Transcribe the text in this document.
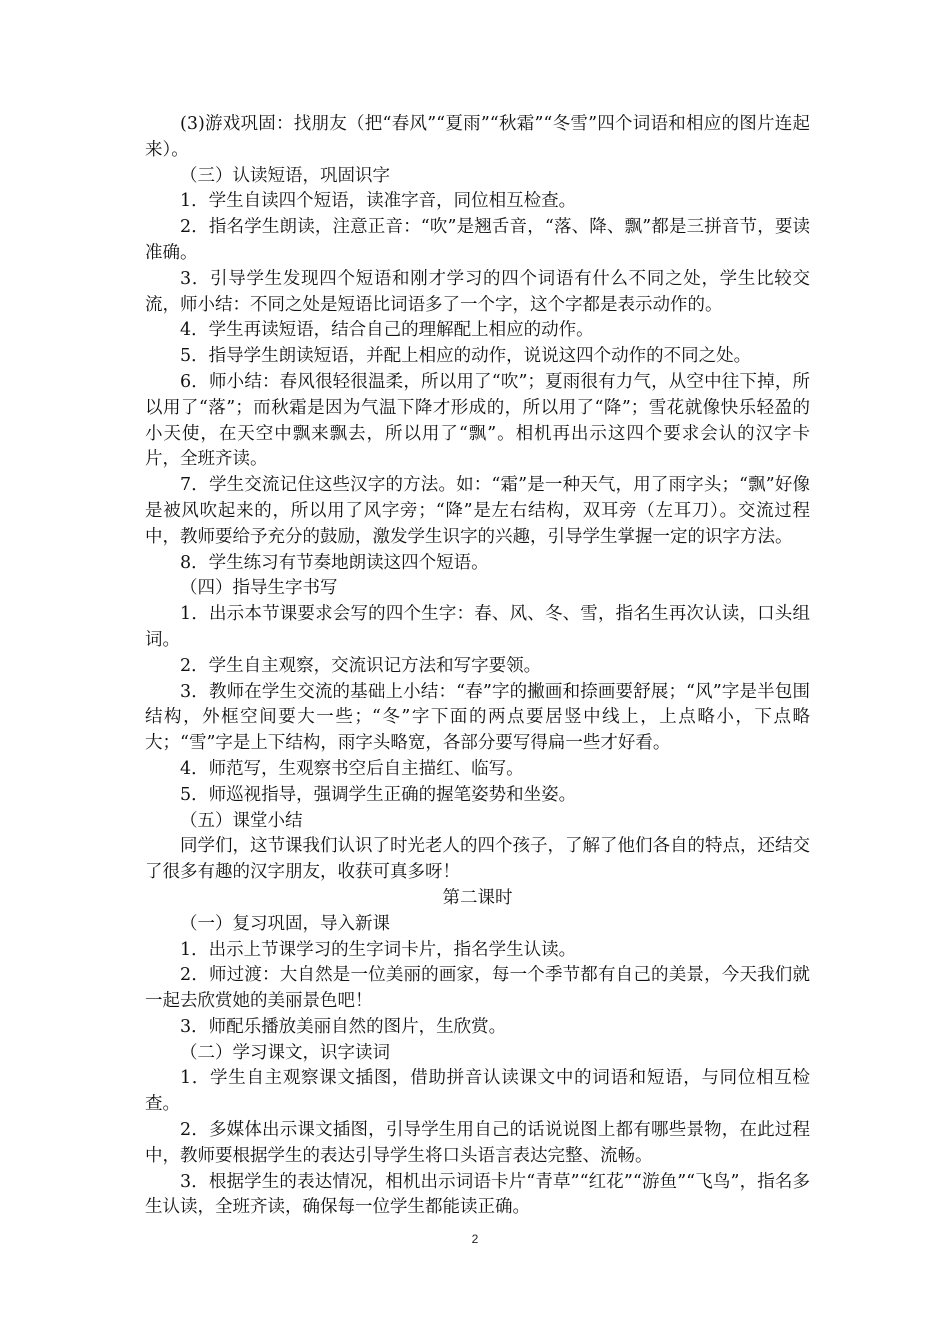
(3)游戏巩固：找朋友（把“春风”“夏雨”“秋霜”“冬雪”四个词语和相应的图片连起来）。

（三）认读短语，巩固识字

1．学生自读四个短语，读准字音，同位相互检查。

2．指名学生朗读，注意正音：“吹”是翘舌音，“落、降、飘”都是三拼音节，要读准确。

3．引导学生发现四个短语和刚才学习的四个词语有什么不同之处，学生比较交流，师小结：不同之处是短语比词语多了一个字，这个字都是表示动作的。

4．学生再读短语，结合自己的理解配上相应的动作。

5．指导学生朗读短语，并配上相应的动作，说说这四个动作的不同之处。

6．师小结：春风很轻很温柔，所以用了“吹”；夏雨很有力气，从空中往下掉，所以用了“落”；而秋霜是因为气温下降才形成的，所以用了“降”；雪花就像快乐轻盈的小天使，在天空中飘来飘去，所以用了“飘”。相机再出示这四个要求会认的汉字卡片，全班齐读。

7．学生交流记住这些汉字的方法。如：“霜”是一种天气，用了雨字头；“飘”好像是被风吹起来的，所以用了风字旁；“降”是左右结构，双耳旁（左耳刀）。交流过程中，教师要给予充分的鼓励，激发学生识字的兴趣，引导学生掌握一定的识字方法。

8．学生练习有节奏地朗读这四个短语。

（四）指导生字书写

1．出示本节课要求会写的四个生字：春、风、冬、雪，指名生再次认读，口头组词。

2．学生自主观察，交流识记方法和写字要领。

3．教师在学生交流的基础上小结：“春”字的撇画和捺画要舒展；“风”字是半包围结构，外框空间要大一些；“冬”字下面的两点要居竖中线上，上点略小，下点略大；“雪”字是上下结构，雨字头略宽，各部分要写得扁一些才好看。

4．师范写，生观察书空后自主描红、临写。

5．师巡视指导，强调学生正确的握笔姿势和坐姿。

（五）课堂小结

同学们，这节课我们认识了时光老人的四个孩子，了解了他们各自的特点，还结交了很多有趣的汉字朋友，收获可真多呀！

第二课时

（一）复习巩固，导入新课

1．出示上节课学习的生字词卡片，指名学生认读。

2．师过渡：大自然是一位美丽的画家，每一个季节都有自己的美景，今天我们就一起去欣赏她的美丽景色吧！

3．师配乐播放美丽自然的图片，生欣赏。

（二）学习课文，识字读词

1．学生自主观察课文插图，借助拼音认读课文中的词语和短语，与同位相互检查。

2．多媒体出示课文插图，引导学生用自己的话说说图上都有哪些景物，在此过程中，教师要根据学生的表达引导学生将口头语言表达完整、流畅。

3．根据学生的表达情况，相机出示词语卡片“青草”“红花”“游鱼”“飞鸟”，指名多生认读，全班齐读，确保每一位学生都能读正确。

2
